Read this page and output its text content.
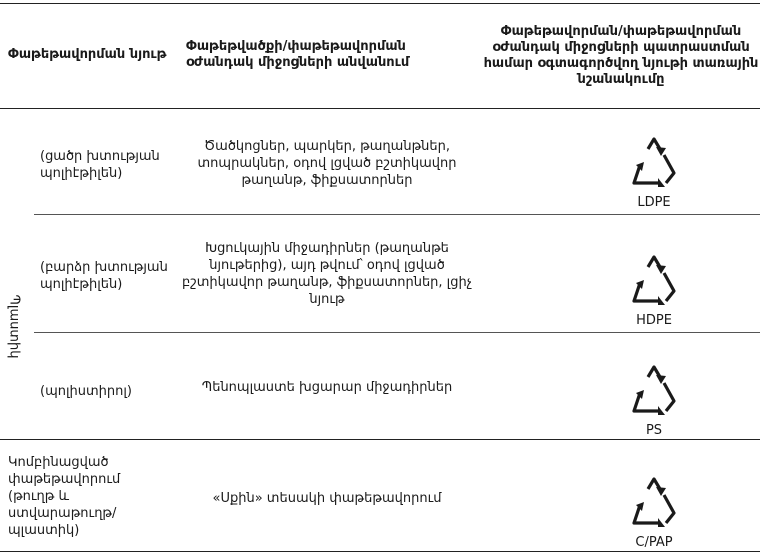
Փաթեթավորման նյութ
Փաթեթվածքի/փաթեթավորման օժանդակ միջոցների անվանում
Փաթեթավորման/փաթեթավորման օժանդակ միջոցների պատրաստման համար օգտագործվող նյութի տառային նշանակումը
Պլաստիկ
(ցածր խտության պոլիէթիլեն)
Ծածկոցներ, պարկեր, թաղանթներ, տոպրակներ, օդով լցված բշտիկավոր թաղանթ, ֆիքսատորներ
LDPE
(բարձր խտության պոլիէթիլեն)
Խցուկային միջադիրներ (թաղանթե նյութերից), այդ թվում՝ օդով լցված բշտիկավոր թաղանթ, ֆիքսատորներ, լցիչ նյութ
HDPE
(պոլիստիրոլ)	Պենոպլաստե խցարար միջադիրներ
PS
Կոմբինացված փաթեթավորում (թուղթ և ստվարաթուղթ/պլաստիկ)
«Սքին» տեսակի փաթեթավորում
C/PAP
